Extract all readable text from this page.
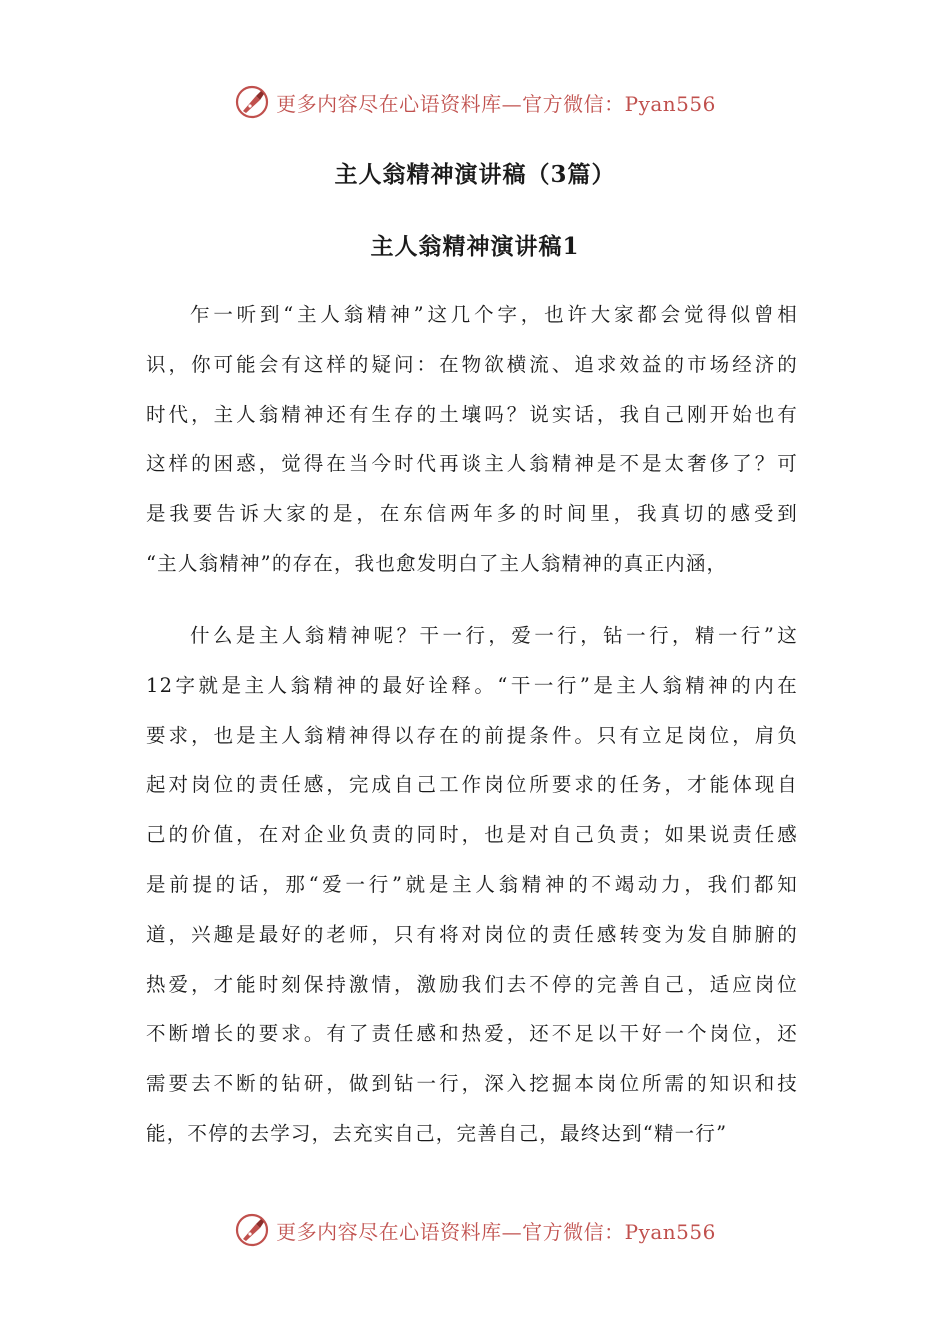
更多内容尽在心语资料库—官方微信：Pyan556
主人翁精神演讲稿（3篇）
主人翁精神演讲稿1

乍一听到“主人翁精神”这几个字，也许大家都会觉得似曾相
识，你可能会有这样的疑问：在物欲横流、追求效益的市场经济的
时代，主人翁精神还有生存的土壤吗？说实话，我自己刚开始也有
这样的困惑，觉得在当今时代再谈主人翁精神是不是太奢侈了？可
是我要告诉大家的是，在东信两年多的时间里，我真切的感受到
“主人翁精神”的存在，我也愈发明白了主人翁精神的真正内涵，

什么是主人翁精神呢？干一行，爱一行，钻一行，精一行”这
12字就是主人翁精神的最好诠释。“干一行”是主人翁精神的内在
要求，也是主人翁精神得以存在的前提条件。只有立足岗位，肩负
起对岗位的责任感，完成自己工作岗位所要求的任务，才能体现自
己的价值，在对企业负责的同时，也是对自己负责；如果说责任感
是前提的话，那“爱一行”就是主人翁精神的不竭动力，我们都知
道，兴趣是最好的老师，只有将对岗位的责任感转变为发自肺腑的
热爱，才能时刻保持激情，激励我们去不停的完善自己，适应岗位
不断增长的要求。有了责任感和热爱，还不足以干好一个岗位，还
需要去不断的钻研，做到钻一行，深入挖掘本岗位所需的知识和技
能，不停的去学习，去充实自己，完善自己，最终达到“精一行”

更多内容尽在心语资料库—官方微信：Pyan556
